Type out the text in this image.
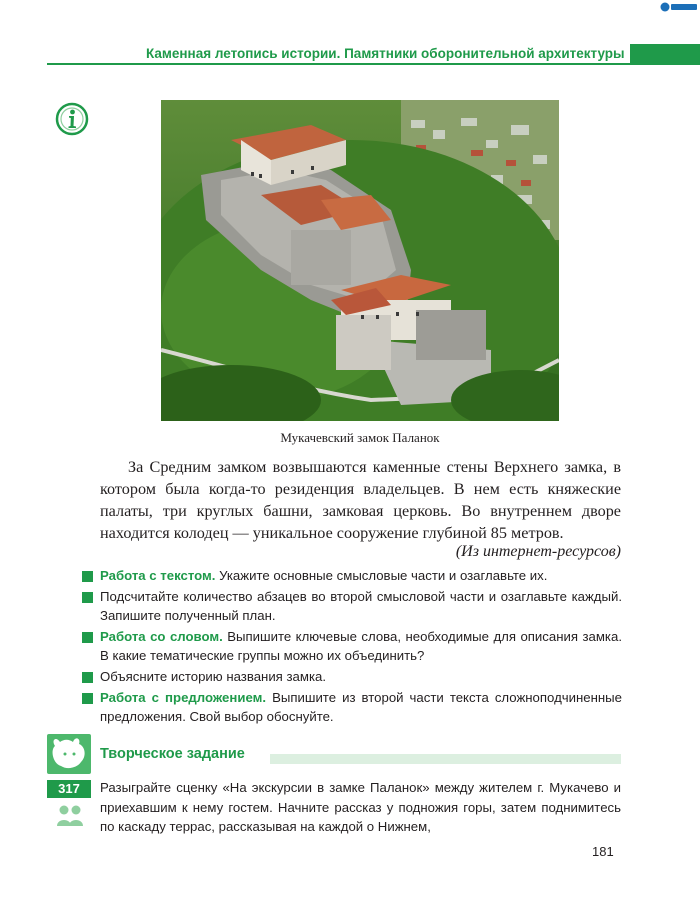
Каменная летопись истории. Памятники оборонительной архитектуры
Мукачевский замок Паланок

За Средним замком возвышаются каменные стены Верхнего замка, в котором была когда-то резиденция владельцев. В нем есть княжеские палаты, три круглых башни, замковая церковь. Во внутреннем дворе находится колодец — уникальное сооружение глубиной 85 метров.

(Из интернет-ресурсов)
Работа с текстом. Укажите основные смысловые части и озаглавьте их.
Подсчитайте количество абзацев во второй смысловой части и озаглавьте каждый. Запишите полученный план.
Работа со словом. Выпишите ключевые слова, необходимые для описания замка. В какие тематические группы можно их объединить?
Объясните историю названия замка.
Работа с предложением. Выпишите из второй части текста сложноподчиненные предложения. Свой выбор обоснуйте.
Творческое задание
317	Разыграйте сценку «На экскурсии в замке Паланок» между жителем г. Мукачево и приехавшим к нему гостем. Начните рассказ у подножия горы, затем поднимитесь по каскаду террас, рассказывая на каждой о Нижнем,
181
